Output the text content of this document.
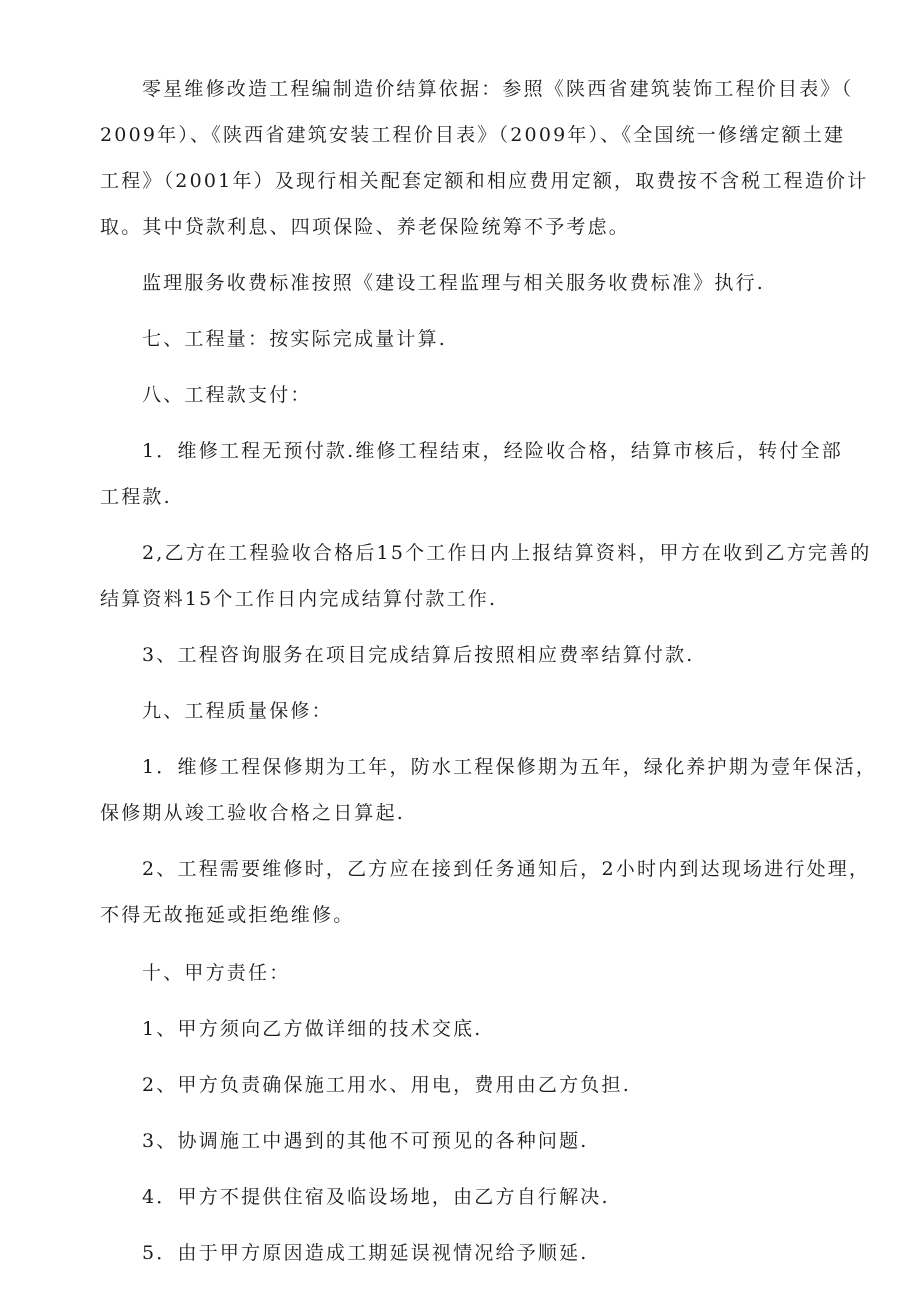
零星维修改造工程编制造价结算依据：参照《陕西省建筑装饰工程价目表》（
2009年）、《陕西省建筑安装工程价目表》（2009年）、《全国统一修缮定额土建
工程》（2001年）及现行相关配套定额和相应费用定额，取费按不含税工程造价计
取。其中贷款利息、四项保险、养老保险统筹不予考虑。
监理服务收费标准按照《建设工程监理与相关服务收费标准》执行.
七、工程量：按实际完成量计算.
八、工程款支付：
1．维修工程无预付款.维修工程结束，经险收合格，结算市核后，转付全部
工程款.
2,乙方在工程验收合格后15个工作日内上报结算资料，甲方在收到乙方完善的
结算资料15个工作日内完成结算付款工作.
3、工程咨询服务在项目完成结算后按照相应费率结算付款.
九、工程质量保修：
1．维修工程保修期为工年，防水工程保修期为五年，绿化养护期为壹年保活，
保修期从竣工验收合格之日算起.
2、工程需要维修时，乙方应在接到任务通知后，2小时内到达现场进行处理，
不得无故拖延或拒绝维修。
十、甲方责任：
1、甲方须向乙方做详细的技术交底.
2、甲方负责确保施工用水、用电，费用由乙方负担.
3、协调施工中遇到的其他不可预见的各种问题.
4．甲方不提供住宿及临设场地，由乙方自行解决.
5．由于甲方原因造成工期延误视情况给予顺延.
